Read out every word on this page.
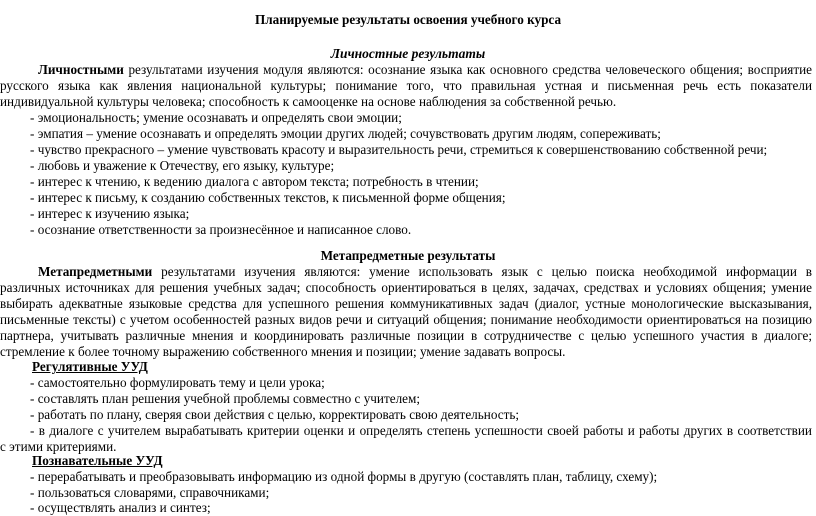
Планируемые результаты освоения учебного курса
Личностные результаты
Личностными результатами изучения модуля являются: осознание языка как основного средства человеческого общения; восприятие
русского языка как явления национальной культуры; понимание того, что правильная устная и письменная речь есть показатели
индивидуальной культуры человека; способность к самооценке на основе наблюдения за собственной речью.
- эмоциональность; умение осознавать и определять свои эмоции;
- эмпатия – умение осознавать и определять эмоции других людей; сочувствовать другим людям, сопереживать;
- чувство прекрасного – умение чувствовать красоту и выразительность речи, стремиться к совершенствованию собственной речи;
- любовь и уважение к Отечеству, его языку, культуре;
- интерес к чтению, к ведению диалога с автором текста; потребность в чтении;
- интерес к письму, к созданию собственных текстов, к письменной форме общения;
- интерес к изучению языка;
- осознание ответственности за произнесённое и написанное слово.
Метапредметные результаты
Метапредметными результатами изучения являются: умение использовать язык с целью поиска необходимой информации в
различных источниках для решения учебных задач; способность ориентироваться в целях, задачах, средствах и условиях общения; умение
выбирать адекватные языковые средства для успешного решения коммуникативных задач (диалог, устные монологические высказывания,
письменные тексты) с учетом особенностей разных видов речи и ситуаций общения; понимание необходимости ориентироваться на позицию
партнера, учитывать различные мнения и координировать различные позиции в сотрудничестве с целью успешного участия в диалоге;
стремление к более точному выражению собственного мнения и позиции; умение задавать вопросы.
Регулятивные УУД
- самостоятельно формулировать тему и цели урока;
- составлять план решения учебной проблемы совместно с учителем;
- работать по плану, сверяя свои действия с целью, корректировать свою деятельность;
- в диалоге с учителем вырабатывать критерии оценки и определять степень успешности своей работы и работы других в соответствии
с этими критериями.
Познавательные УУД
- перерабатывать и преобразовывать информацию из одной формы в другую (составлять план, таблицу, схему);
- пользоваться словарями, справочниками;
- осуществлять анализ и синтез;
